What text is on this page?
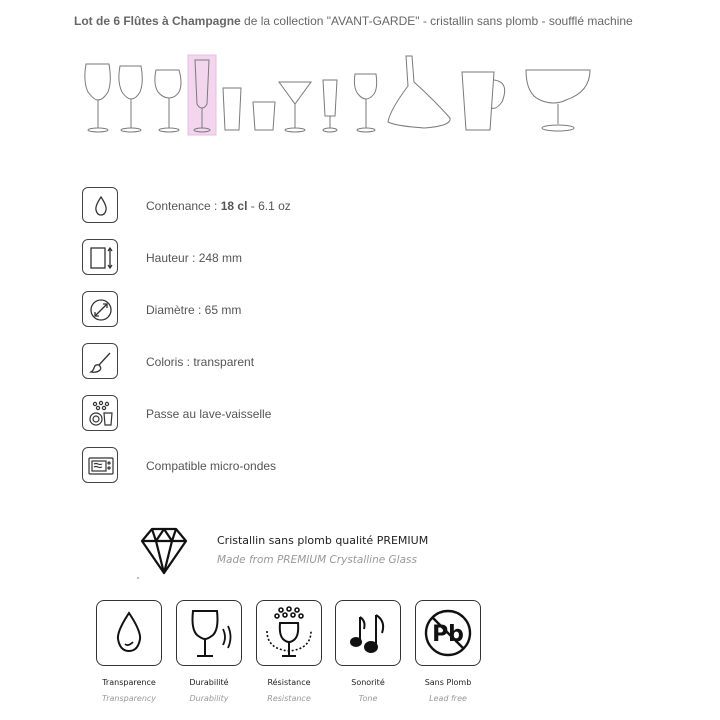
Lot de 6 Flûtes à Champagne de la collection "AVANT-GARDE" - cristallin sans plomb - soufflé machine
Contenance : 18 cl - 6.1 oz
Hauteur : 248 mm
Diamètre : 65 mm
Coloris : transparent
Passe au lave-vaisselle
Compatible micro-ondes
Cristallin sans plomb qualité PREMIUM
Made from PREMIUM Crystalline Glass
Transparence
Transparency
Durabilité
Durability
Résistance
Resistance
Sonorité
Tone
Pb
Sans Plomb
Lead free
